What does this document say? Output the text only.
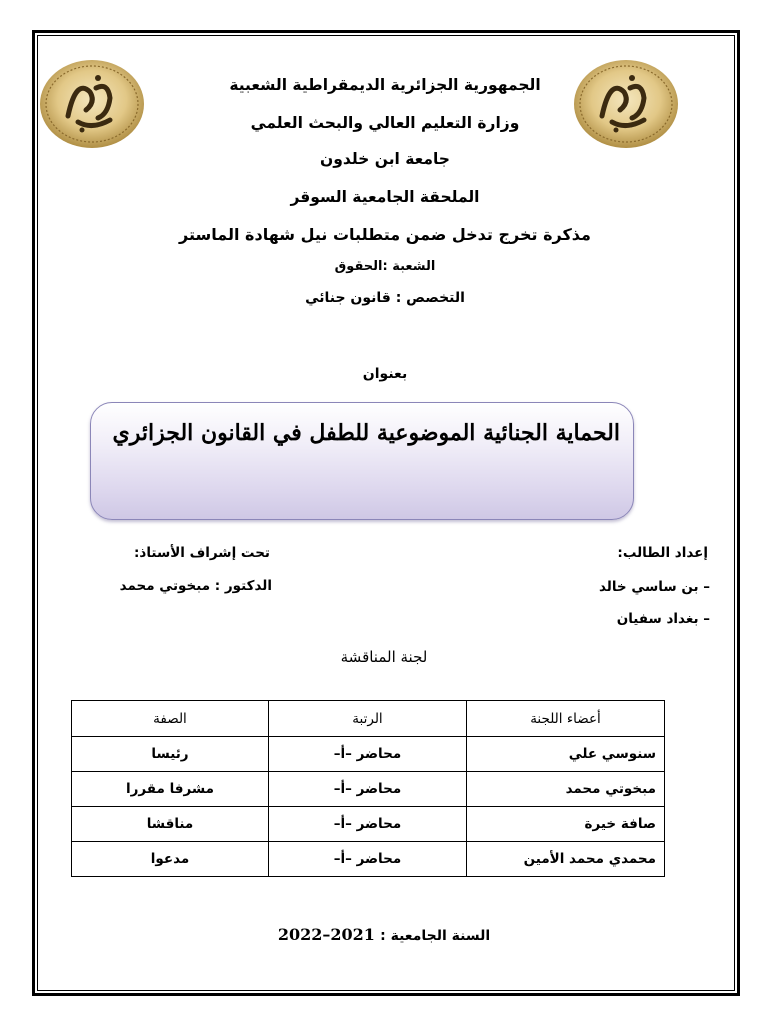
الجمهورية الجزائرية الديمقراطية الشعبية
وزارة التعليم العالي والبحث العلمي
جامعة ابن خلدون
الملحقة الجامعية السوقر
مذكرة تخرج تدخل ضمن متطلبات نيل شهادة الماستر
الشعبة :الحقوق
التخصص : قانون جنائي
بعنوان
الحماية الجنائية الموضوعية للطفل في القانون الجزائري
تحت إشراف الأستاذ:
الدكتور : مبخوتي محمد
إعداد الطالب:
– بن ساسي خالد
– بغداد سفيان
لجنة المناقشة
أعضاء اللجنة	الرتبة	الصفة
سنوسي علي	محاضر –أ–	رئيسا
مبخوتي محمد	محاضر –أ–	مشرفا مقررا
صافة خيرة	محاضر –أ–	مناقشا
محمدي محمد الأمين	محاضر –أ–	مدعوا
السنة الجامعية : 2021–2022
